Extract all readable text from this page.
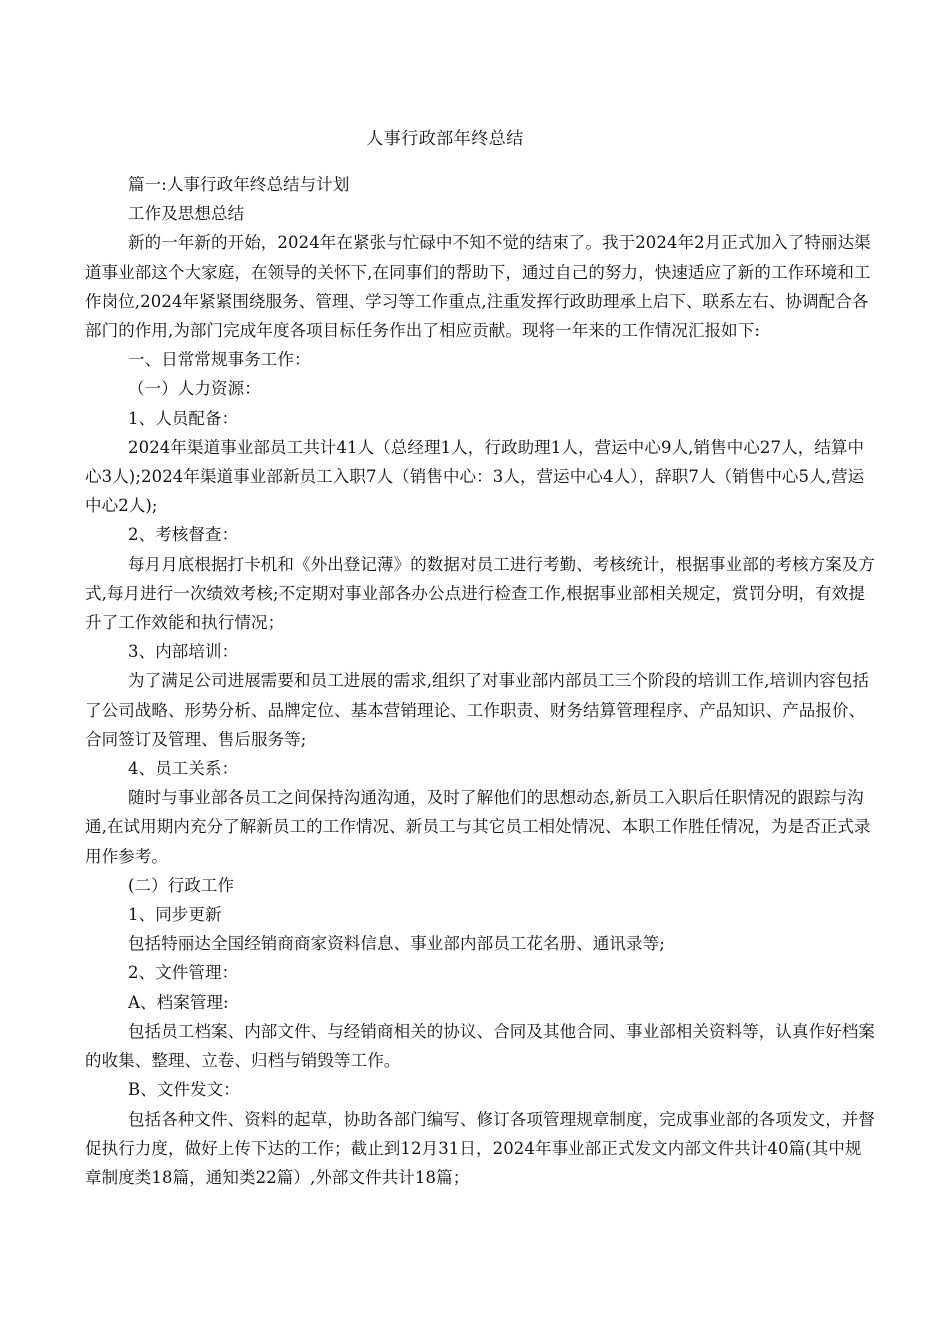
人事行政部年终总结

篇一:人事行政年终总结与计划

工作及思想总结

新的一年新的开始，2024年在紧张与忙碌中不知不觉的结束了。我于2024年2月正式加入了特丽达渠道事业部这个大家庭，在领导的关怀下,在同事们的帮助下，通过自己的努力，快速适应了新的工作环境和工作岗位,2024年紧紧围绕服务、管理、学习等工作重点,注重发挥行政助理承上启下、联系左右、协调配合各部门的作用,为部门完成年度各项目标任务作出了相应贡献。现将一年来的工作情况汇报如下:

一、日常常规事务工作：

（一）人力资源：

1、人员配备：

2024年渠道事业部员工共计41人（总经理1人，行政助理1人，营运中心9人,销售中心27人，结算中心3人);2024年渠道事业部新员工入职7人（销售中心：3人，营运中心4人），辞职7人（销售中心5人,营运中心2人);

2、考核督查：

每月月底根据打卡机和《外出登记薄》的数据对员工进行考勤、考核统计，根据事业部的考核方案及方式,每月进行一次绩效考核;不定期对事业部各办公点进行检查工作,根据事业部相关规定，赏罚分明，有效提升了工作效能和执行情况；

3、内部培训：

为了满足公司进展需要和员工进展的需求,组织了对事业部内部员工三个阶段的培训工作,培训内容包括了公司战略、形势分析、品牌定位、基本营销理论、工作职责、财务结算管理程序、产品知识、产品报价、合同签订及管理、售后服务等;

4、员工关系：

随时与事业部各员工之间保持沟通沟通，及时了解他们的思想动态,新员工入职后任职情况的跟踪与沟通,在试用期内充分了解新员工的工作情况、新员工与其它员工相处情况、本职工作胜任情况，为是否正式录用作参考。

(二）行政工作

1、同步更新

包括特丽达全国经销商商家资料信息、事业部内部员工花名册、通讯录等;

2、文件管理：

A、档案管理:

包括员工档案、内部文件、与经销商相关的协议、合同及其他合同、事业部相关资料等，认真作好档案的收集、整理、立卷、归档与销毁等工作。

B、文件发文：

包括各种文件、资料的起草，协助各部门编写、修订各项管理规章制度，完成事业部的各项发文，并督促执行力度，做好上传下达的工作；截止到12月31日，2024年事业部正式发文内部文件共计40篇(其中规章制度类18篇，通知类22篇）,外部文件共计18篇；
